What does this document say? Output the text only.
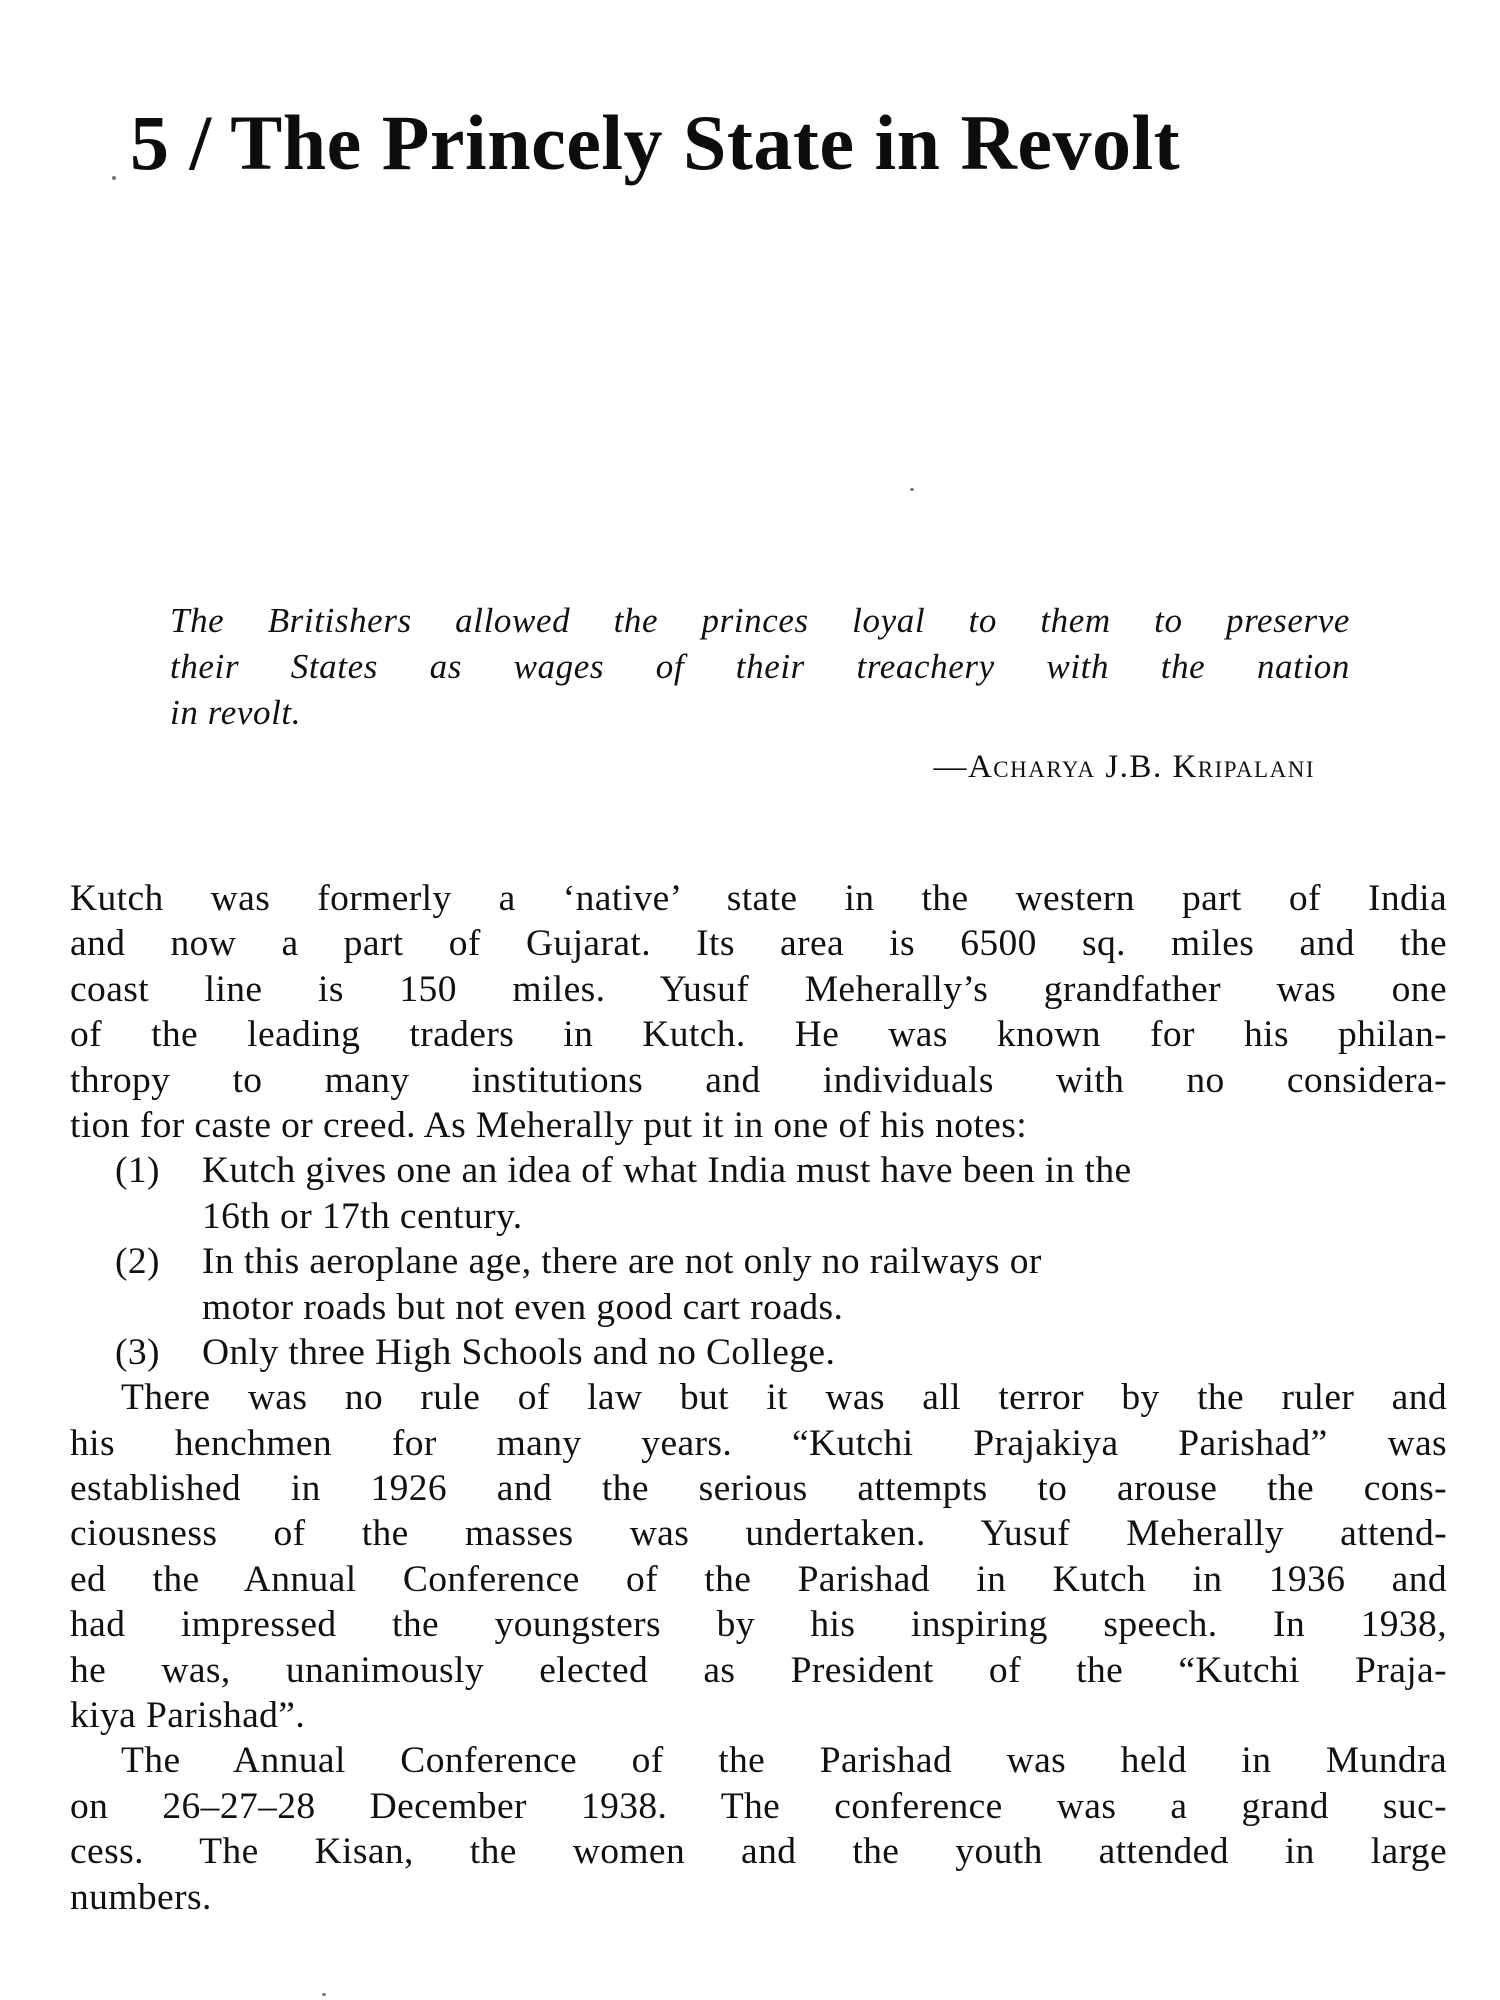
5 / The Princely State in Revolt
The Britishers allowed the princes loyal to them to preserve
their States as wages of their treachery with the nation
in revolt.
—Acharya J.B. Kripalani
Kutch was formerly a ‘native’ state in the western part of India
and now a part of Gujarat. Its area is 6500 sq. miles and the
coast line is 150 miles. Yusuf Meherally’s grandfather was one
of the leading traders in Kutch. He was known for his philan-
thropy to many institutions and individuals with no considera-
tion for caste or creed. As Meherally put it in one of his notes:
(1) Kutch gives one an idea of what India must have been in the
16th or 17th century.
(2) In this aeroplane age, there are not only no railways or
motor roads but not even good cart roads.
(3) Only three High Schools and no College.
There was no rule of law but it was all terror by the ruler and
his henchmen for many years. “Kutchi Prajakiya Parishad” was
established in 1926 and the serious attempts to arouse the cons-
ciousness of the masses was undertaken. Yusuf Meherally attend-
ed the Annual Conference of the Parishad in Kutch in 1936 and
had impressed the youngsters by his inspiring speech. In 1938,
he was, unanimously elected as President of the “Kutchi Praja-
kiya Parishad”.
The Annual Conference of the Parishad was held in Mundra
on 26–27–28 December 1938. The conference was a grand suc-
cess. The Kisan, the women and the youth attended in large
numbers.
